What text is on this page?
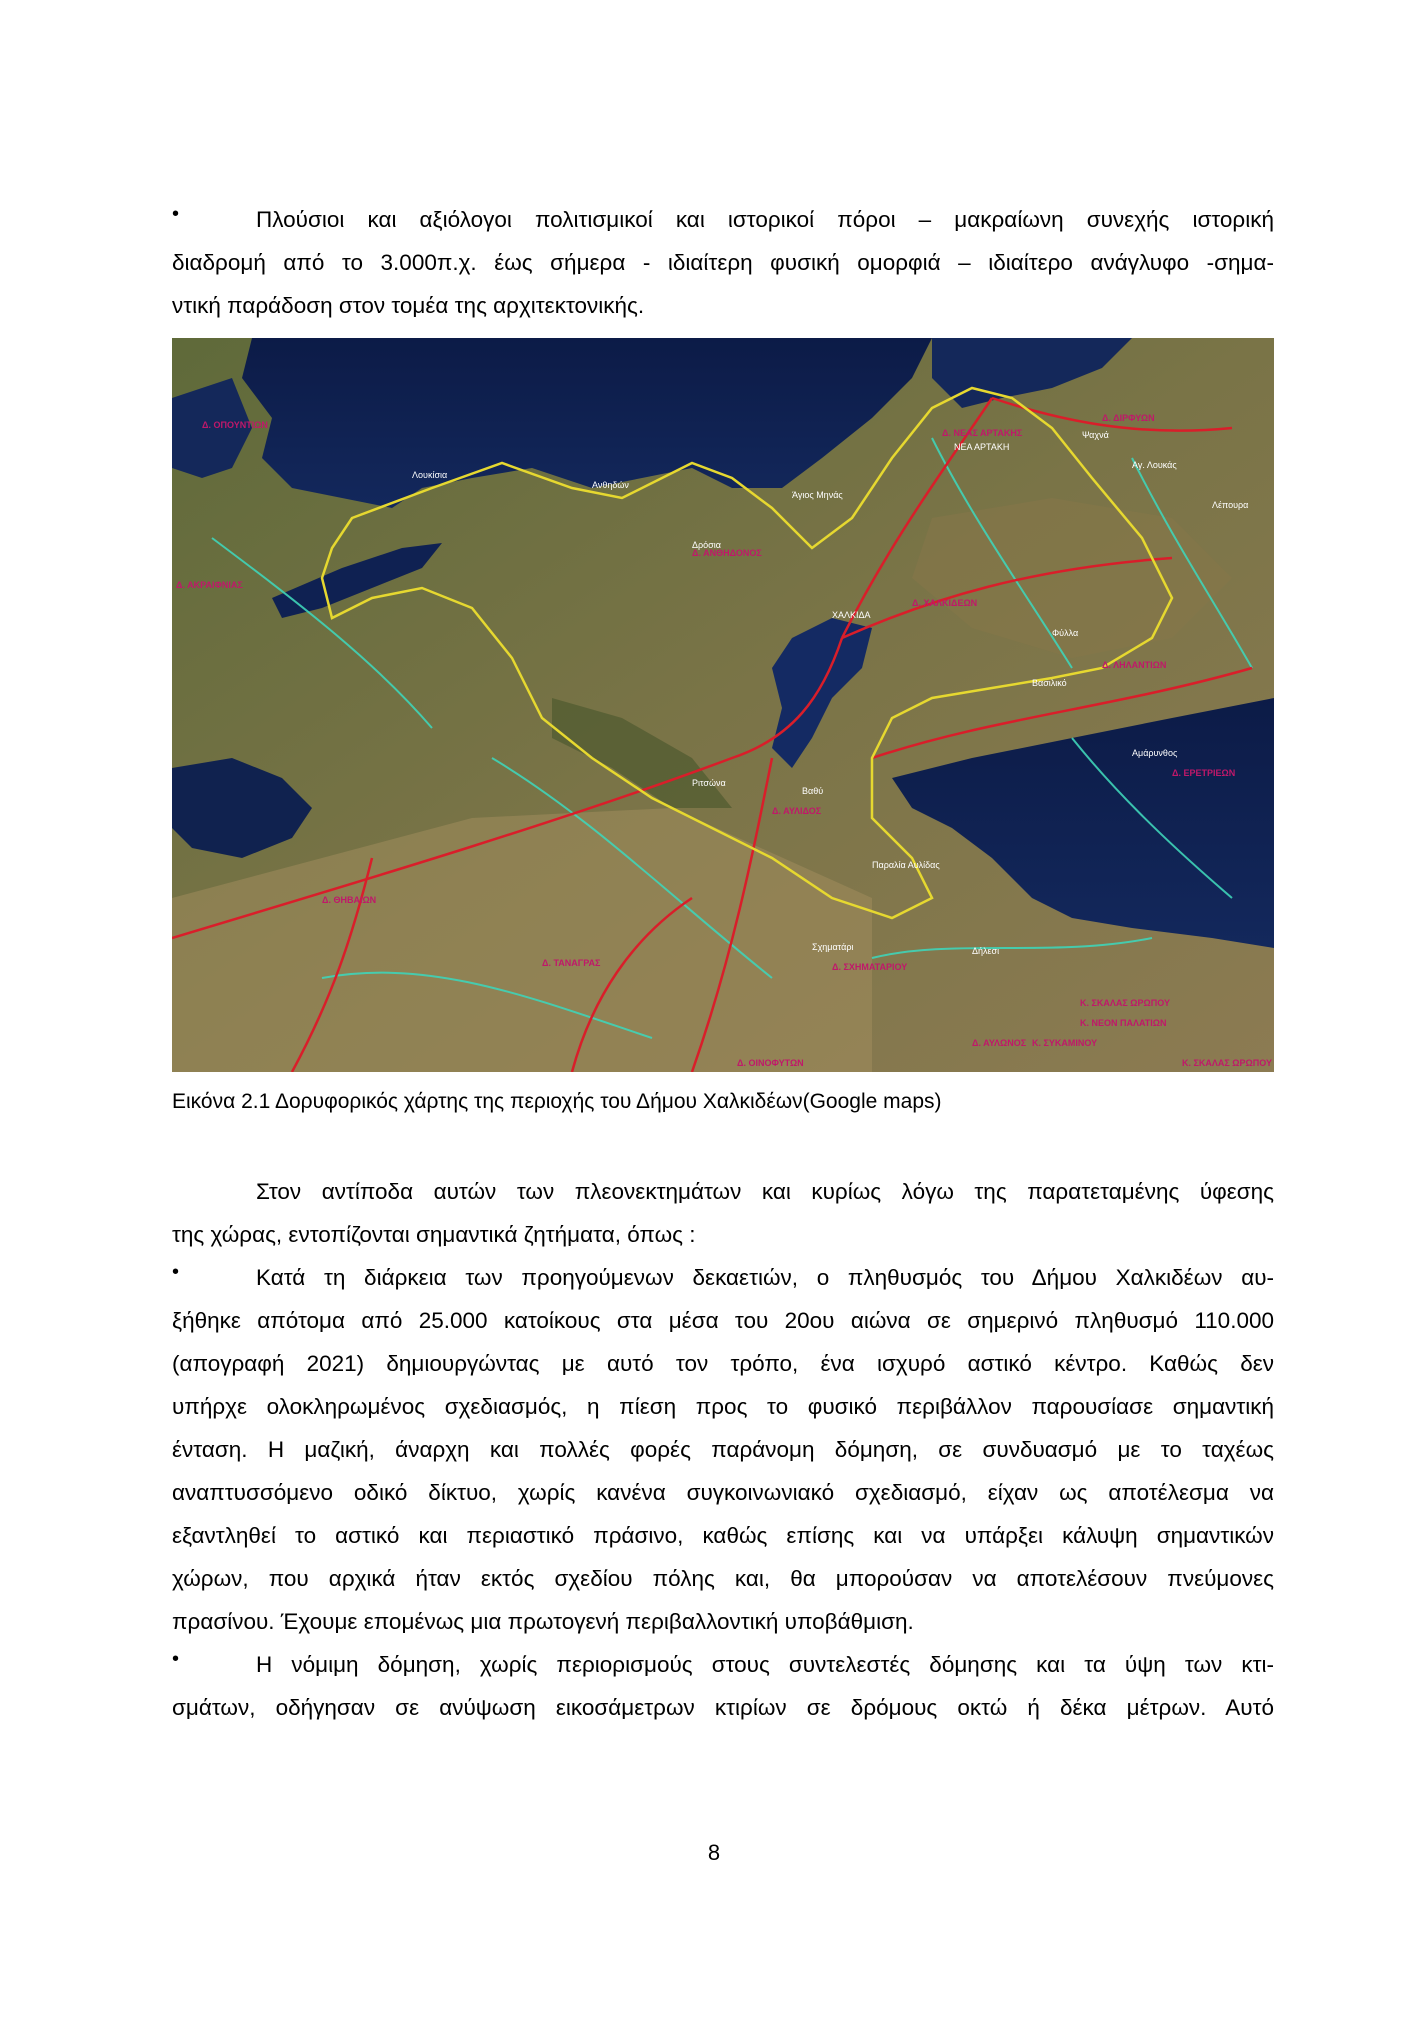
•	Πλούσιοι και αξιόλογοι πολιτισμικοί και ιστορικοί πόροι – μακραίωνη συνεχής ιστορική
διαδρομή από το 3.000π.χ. έως σήμερα - ιδιαίτερη φυσική ομορφιά – ιδιαίτερο ανάγλυφο -σημα-
ντική παράδοση στον τομέα της αρχιτεκτονικής.
Δ. ΟΠΟΥΝΤΙΩΝ
Δ. ΑΚΡΑΙΦΝΙΑΣ
Δ. ΝΕΑΣ ΑΡΤΑΚΗΣ
Δ. ΔΙΡΦΥΩΝ
Δ. ΑΝΘΗΔΟΝΟΣ
Δ. ΧΑΛΚΙΔΕΩΝ
Δ. ΛΗΛΑΝΤΙΩΝ
Δ. ΕΡΕΤΡΙΕΩΝ
Δ. ΑΥΛΙΔΟΣ
Δ. ΘΗΒΑΙΩΝ
Δ. ΣΧΗΜΑΤΑΡΙΟΥ
Δ. ΤΑΝΑΓΡΑΣ
Κ. ΣΚΑΛΑΣ ΩΡΩΠΟΥ
Κ. ΝΕΟΝ ΠΑΛΑΤΙΩΝ
Δ. ΟΙΝΟΦΥΤΩΝ
Δ. ΑΥΛΩΝΟΣ Κ. ΣΥΚΑΜΙΝΟΥ
Κ. ΣΚΑΛΑΣ ΩΡΩΠΟΥ
Λουκίσια
Ανθηδών
Δρόσια
Άγιος Μηνάς
ΧΑΛΚΙΔΑ
ΝΕΑ ΑΡΤΑΚΗ
Ψαχνά
Φύλλα
Βασιλικό
Αμάρυνθος
Ριτσώνα
Βαθύ
Παραλία Αυλίδας
Σχηματάρι	Δήλεσι
Αγ. Λουκάς
Λέπουρα
Εικόνα 2.1 Δορυφορικός χάρτης της περιοχής του Δήμου Χαλκιδέων(Google maps)
Στον αντίποδα αυτών των πλεονεκτημάτων και κυρίως λόγω της παρατεταμένης ύφεσης
της χώρας, εντοπίζονται σημαντικά ζητήματα, όπως :
•	Κατά τη διάρκεια των προηγούμενων δεκαετιών, ο πληθυσμός του Δήμου Χαλκιδέων αυ-
ξήθηκε απότομα από 25.000 κατοίκους στα μέσα του 20ου αιώνα σε σημερινό πληθυσμό 110.000
(απογραφή 2021) δημιουργώντας με αυτό τον τρόπο, ένα ισχυρό αστικό κέντρο. Καθώς δεν
υπήρχε ολοκληρωμένος σχεδιασμός, η πίεση προς το φυσικό περιβάλλον παρουσίασε σημαντική
ένταση. Η μαζική, άναρχη και πολλές φορές παράνομη δόμηση, σε συνδυασμό με το ταχέως
αναπτυσσόμενο οδικό δίκτυο, χωρίς κανένα συγκοινωνιακό σχεδιασμό, είχαν ως αποτέλεσμα να
εξαντληθεί το αστικό και περιαστικό πράσινο, καθώς επίσης και να υπάρξει κάλυψη σημαντικών
χώρων, που αρχικά ήταν εκτός σχεδίου πόλης και, θα μπορούσαν να αποτελέσουν πνεύμονες
πρασίνου. Έχουμε επομένως μια πρωτογενή περιβαλλοντική υποβάθμιση.
•	Η νόμιμη δόμηση, χωρίς περιορισμούς στους συντελεστές δόμησης και τα ύψη των κτι-
σμάτων, οδήγησαν σε ανύψωση εικοσάμετρων κτιρίων σε δρόμους οκτώ ή δέκα μέτρων. Αυτό
8
